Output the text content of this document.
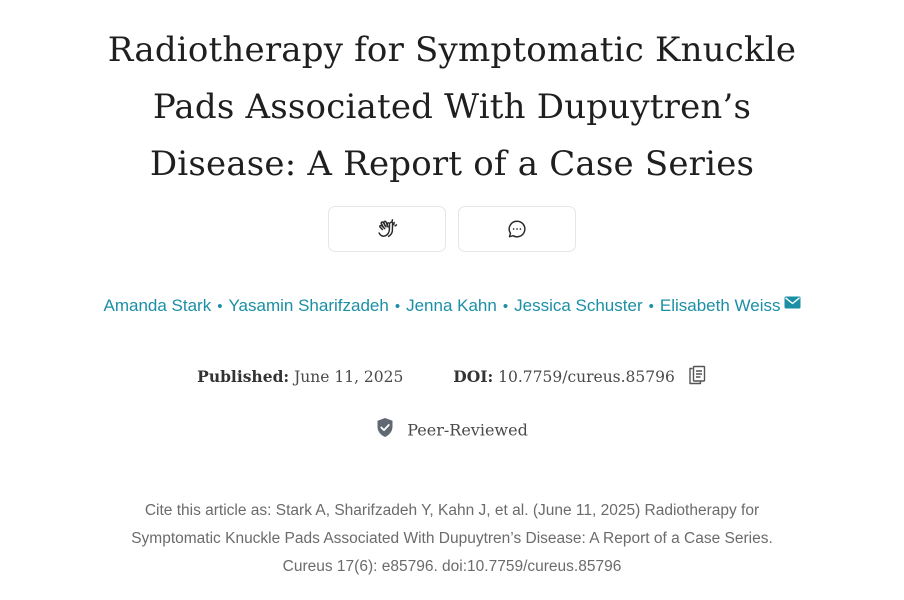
Radiotherapy for Symptomatic Knuckle
Pads Associated With Dupuytren’s
Disease: A Report of a Case Series
Amanda Stark • Yasamin Sharifzadeh • Jenna Kahn • Jessica Schuster • Elisabeth Weiss
Published: June 11, 2025	DOI: 10.7759/cureus.85796
Peer-Reviewed
Cite this article as: Stark A, Sharifzadeh Y, Kahn J, et al. (June 11, 2025) Radiotherapy for
Symptomatic Knuckle Pads Associated With Dupuytren’s Disease: A Report of a Case Series.
Cureus 17(6): e85796. doi:10.7759/cureus.85796
